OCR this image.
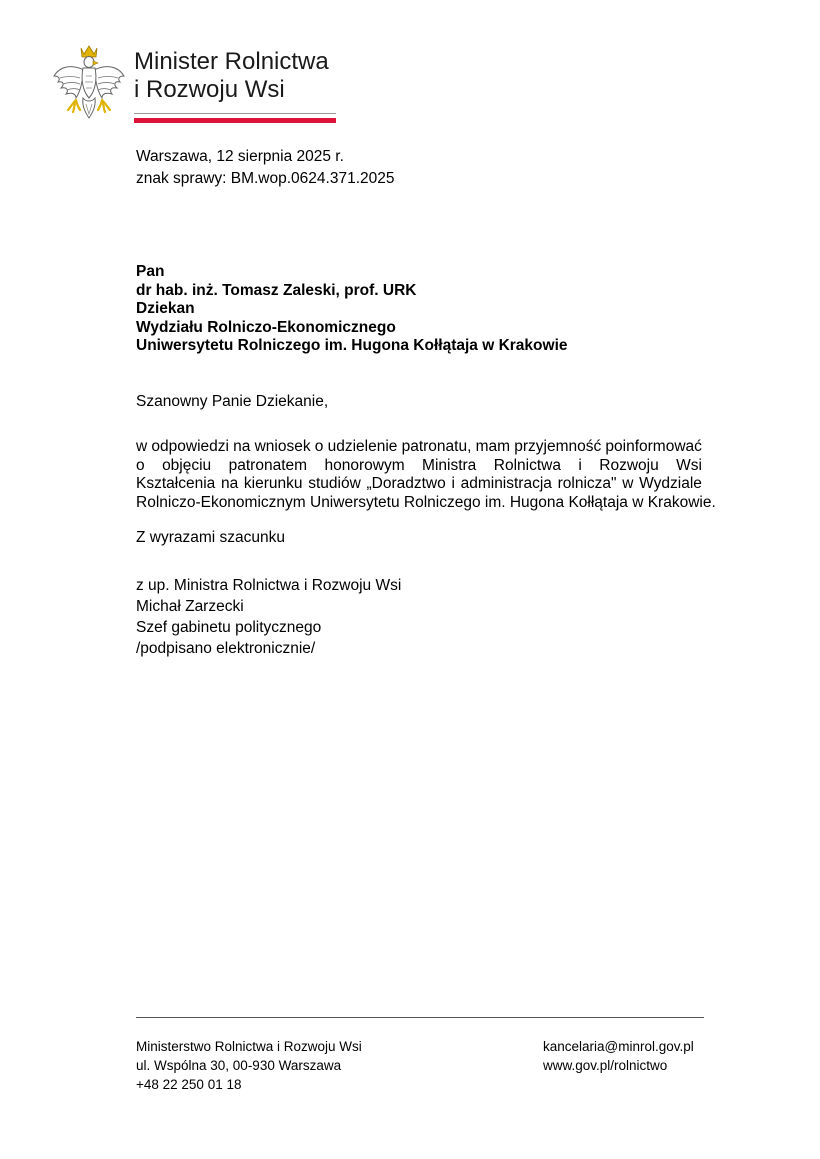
Minister Rolnictwa
i Rozwoju Wsi
Warszawa, 12 sierpnia 2025 r.
znak sprawy: BM.wop.0624.371.2025
Pan
dr hab. inż. Tomasz Zaleski, prof. URK
Dziekan
Wydziału Rolniczo-Ekonomicznego
Uniwersytetu Rolniczego im. Hugona Kołłątaja w Krakowie
Szanowny Panie Dziekanie,
w odpowiedzi na wniosek o udzielenie patronatu, mam przyjemność poinformować
o objęciu patronatem honorowym Ministra Rolnictwa i Rozwoju Wsi
Kształcenia na kierunku studiów „Doradztwo i administracja rolnicza" w Wydziale
Rolniczo-Ekonomicznym Uniwersytetu Rolniczego im. Hugona Kołłątaja w Krakowie.
Z wyrazami szacunku
z up. Ministra Rolnictwa i Rozwoju Wsi
Michał Zarzecki
Szef gabinetu politycznego
/podpisano elektronicznie/
Ministerstwo Rolnictwa i Rozwoju Wsi
ul. Wspólna 30, 00-930 Warszawa
+48 22 250 01 18
kancelaria@minrol.gov.pl
www.gov.pl/rolnictwo
